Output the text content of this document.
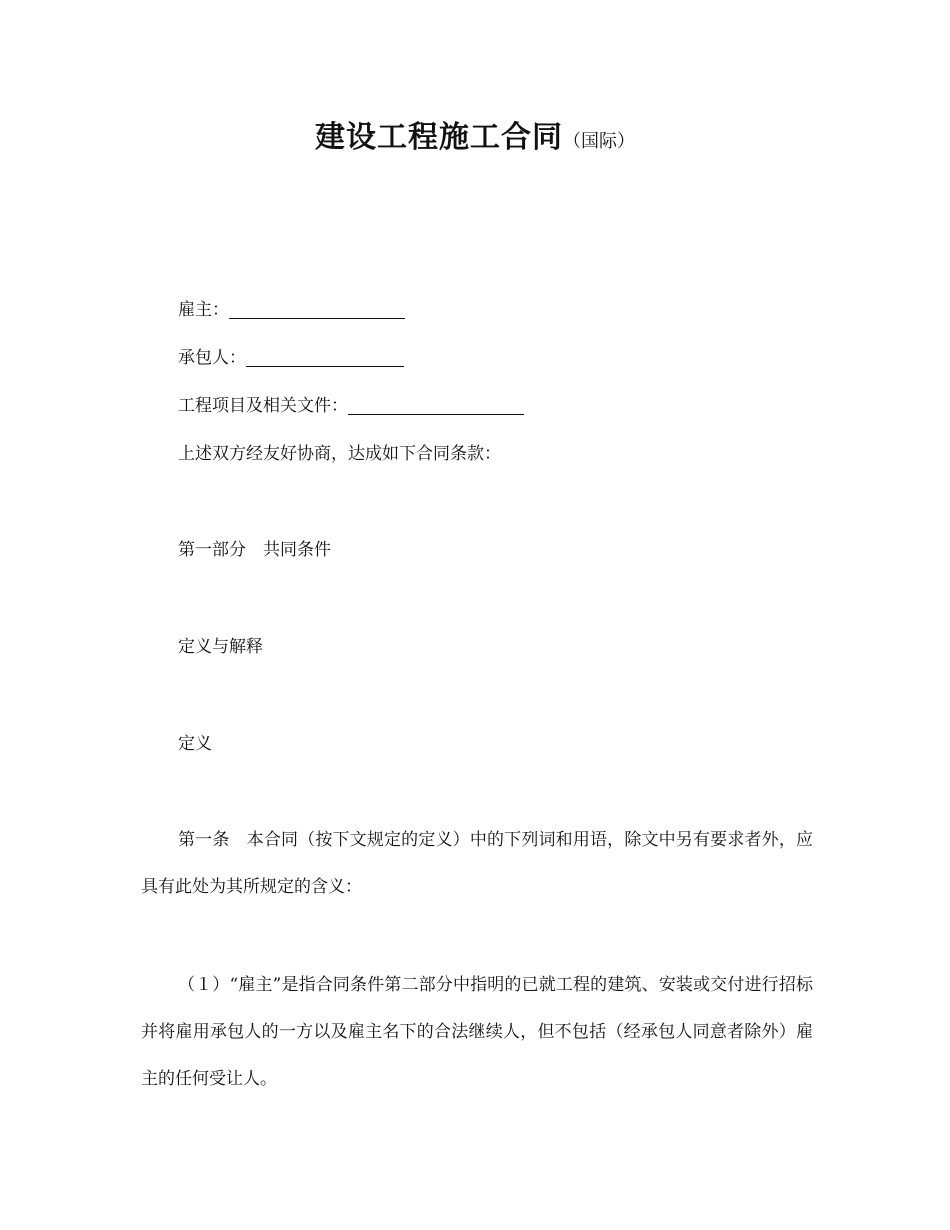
建设工程施工合同（国际）
雇主：
承包人：
工程项目及相关文件：
上述双方经友好协商，达成如下合同条款：
第一部分　共同条件
定义与解释
定义
第一条　本合同（按下文规定的定义）中的下列词和用语，除文中另有要求者外，应具有此处为其所规定的含义：
（１）“雇主”是指合同条件第二部分中指明的已就工程的建筑、安装或交付进行招标并将雇用承包人的一方以及雇主名下的合法继续人，但不包括（经承包人同意者除外）雇主的任何受让人。
